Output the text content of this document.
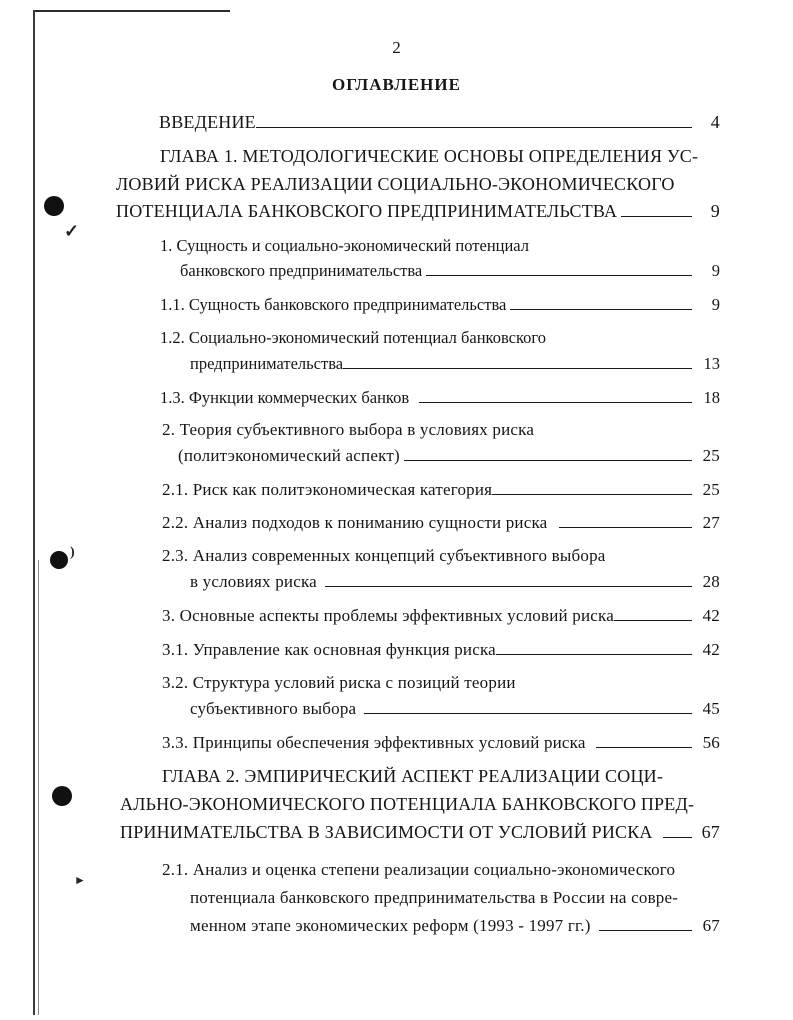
✓
)
►
2
ОГЛАВЛЕНИЕ
ВВЕДЕНИЕ	4
ГЛАВА 1. МЕТОДОЛОГИЧЕСКИЕ ОСНОВЫ ОПРЕДЕЛЕНИЯ УС-
ЛОВИЙ РИСКА РЕАЛИЗАЦИИ СОЦИАЛЬНО-ЭКОНОМИЧЕСКОГО
ПОТЕНЦИАЛА БАНКОВСКОГО ПРЕДПРИНИМАТЕЛЬСТВА	9
1. Сущность и социально-экономический потенциал
банковского предпринимательства	9
1.1. Сущность банковского предпринимательства	9
1.2. Социально-экономический потенциал банковского
предпринимательства	13
1.3. Функции коммерческих банков	18
2. Теория субъективного выбора в условиях риска
(политэкономический аспект)	25
2.1. Риск как политэкономическая категория	25
2.2. Анализ подходов к пониманию сущности риска	27
2.3. Анализ современных концепций субъективного выбора
в условиях риска	28
3. Основные аспекты проблемы эффективных условий риска	42
3.1. Управление как основная функция риска	42
3.2. Структура условий риска с позиций теории
субъективного выбора	45
3.3. Принципы обеспечения эффективных условий риска	56
ГЛАВА 2. ЭМПИРИЧЕСКИЙ АСПЕКТ РЕАЛИЗАЦИИ СОЦИ-
АЛЬНО-ЭКОНОМИЧЕСКОГО ПОТЕНЦИАЛА БАНКОВСКОГО ПРЕД-
ПРИНИМАТЕЛЬСТВА В ЗАВИСИМОСТИ ОТ УСЛОВИЙ РИСКА	67
2.1. Анализ и оценка степени реализации социально-экономического
потенциала банковского предпринимательства в России на совре-
менном этапе экономических реформ (1993 - 1997 гг.)	67
